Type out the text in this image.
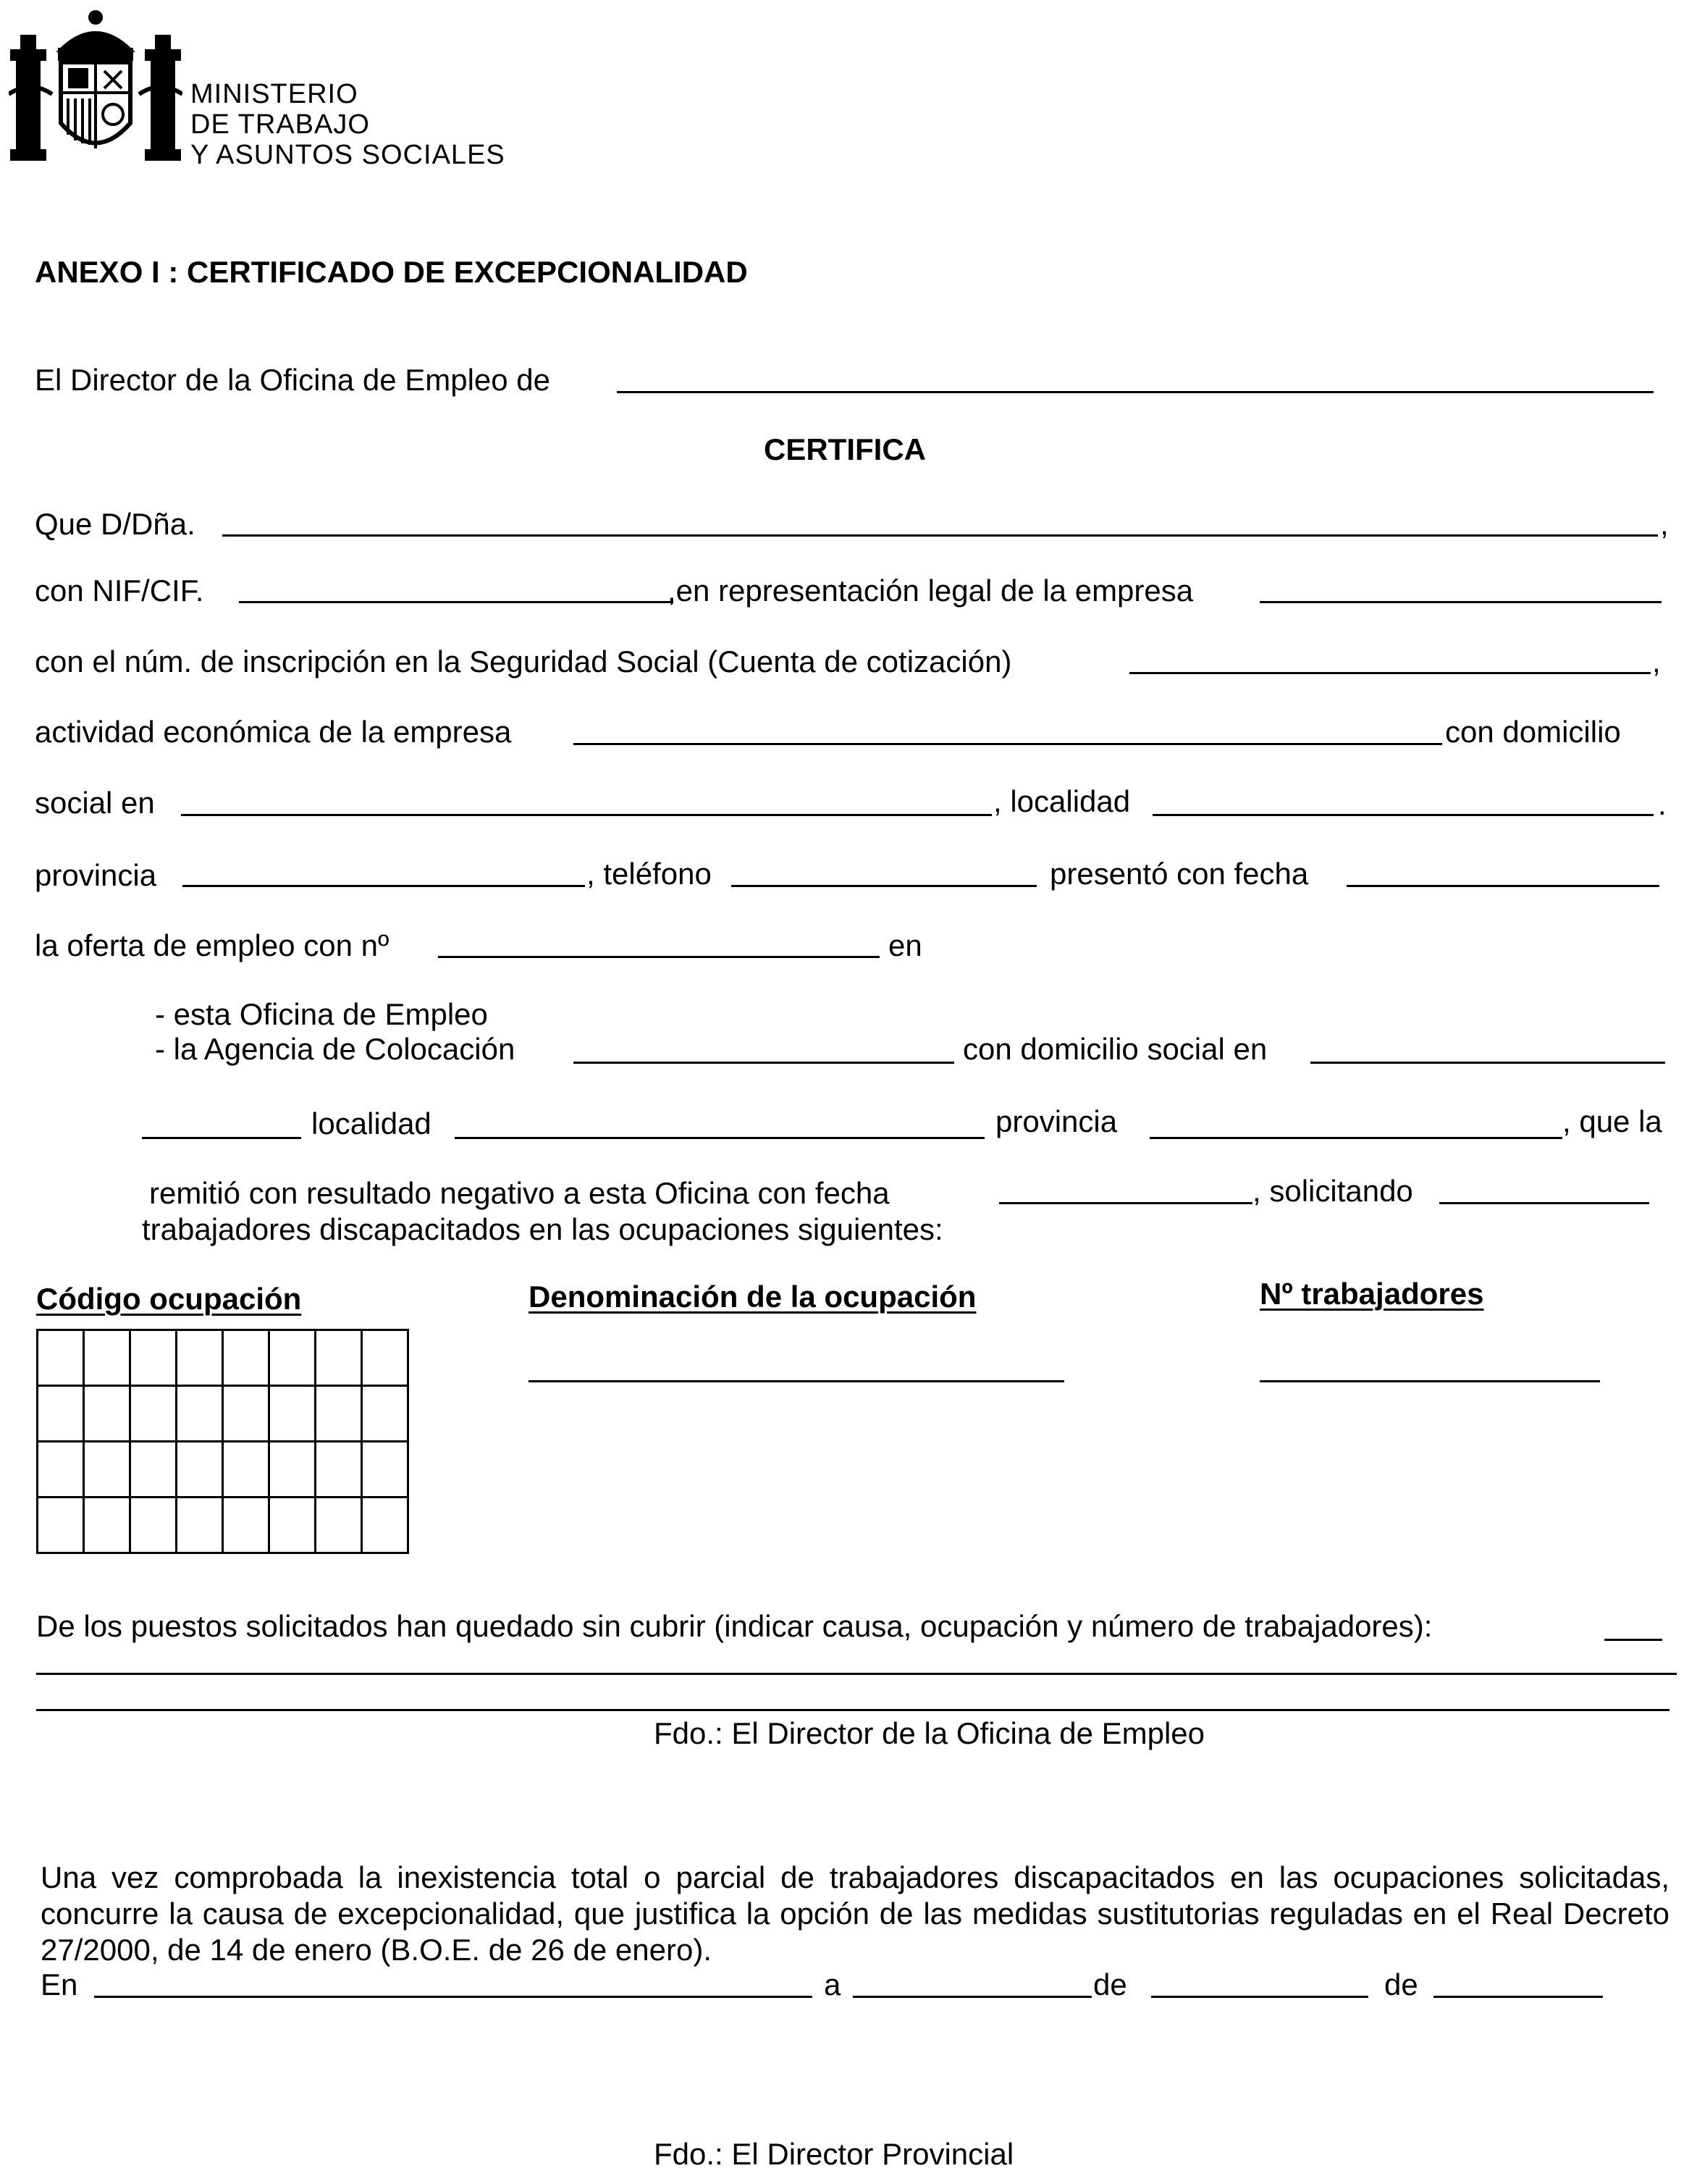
MINISTERIO
DE TRABAJO
Y ASUNTOS SOCIALES
ANEXO I : CERTIFICADO DE EXCEPCIONALIDAD
El Director de la Oficina de Empleo de
CERTIFICA
Que D/Dña.	,
con NIF/CIF.	,en representación legal de la empresa
con el núm. de inscripción en la Seguridad Social (Cuenta de cotización)	,
actividad económica de la empresa	con domicilio
social en	, localidad	.
provincia	, teléfono	presentó con fecha
la oferta de empleo con nº	en
- esta Oficina de Empleo
- la Agencia de Colocación	con domicilio social en
localidad	provincia	, que la
remitió con resultado negativo a esta Oficina con fecha	, solicitando
trabajadores discapacitados en las ocupaciones siguientes:
Código ocupación	Denominación de la ocupación	Nº trabajadores

De los puestos solicitados han quedado sin cubrir (indicar causa, ocupación y número de trabajadores):
Fdo.: El Director de la Oficina de Empleo
Una vez comprobada la inexistencia total o parcial de trabajadores discapacitados en las ocupaciones solicitadas, concurre la causa de excepcionalidad, que justifica la opción de las medidas sustitutorias reguladas en el Real Decreto 27/2000, de 14 de enero (B.O.E. de 26 de enero).
En	a	de	de
Fdo.: El Director Provincial
